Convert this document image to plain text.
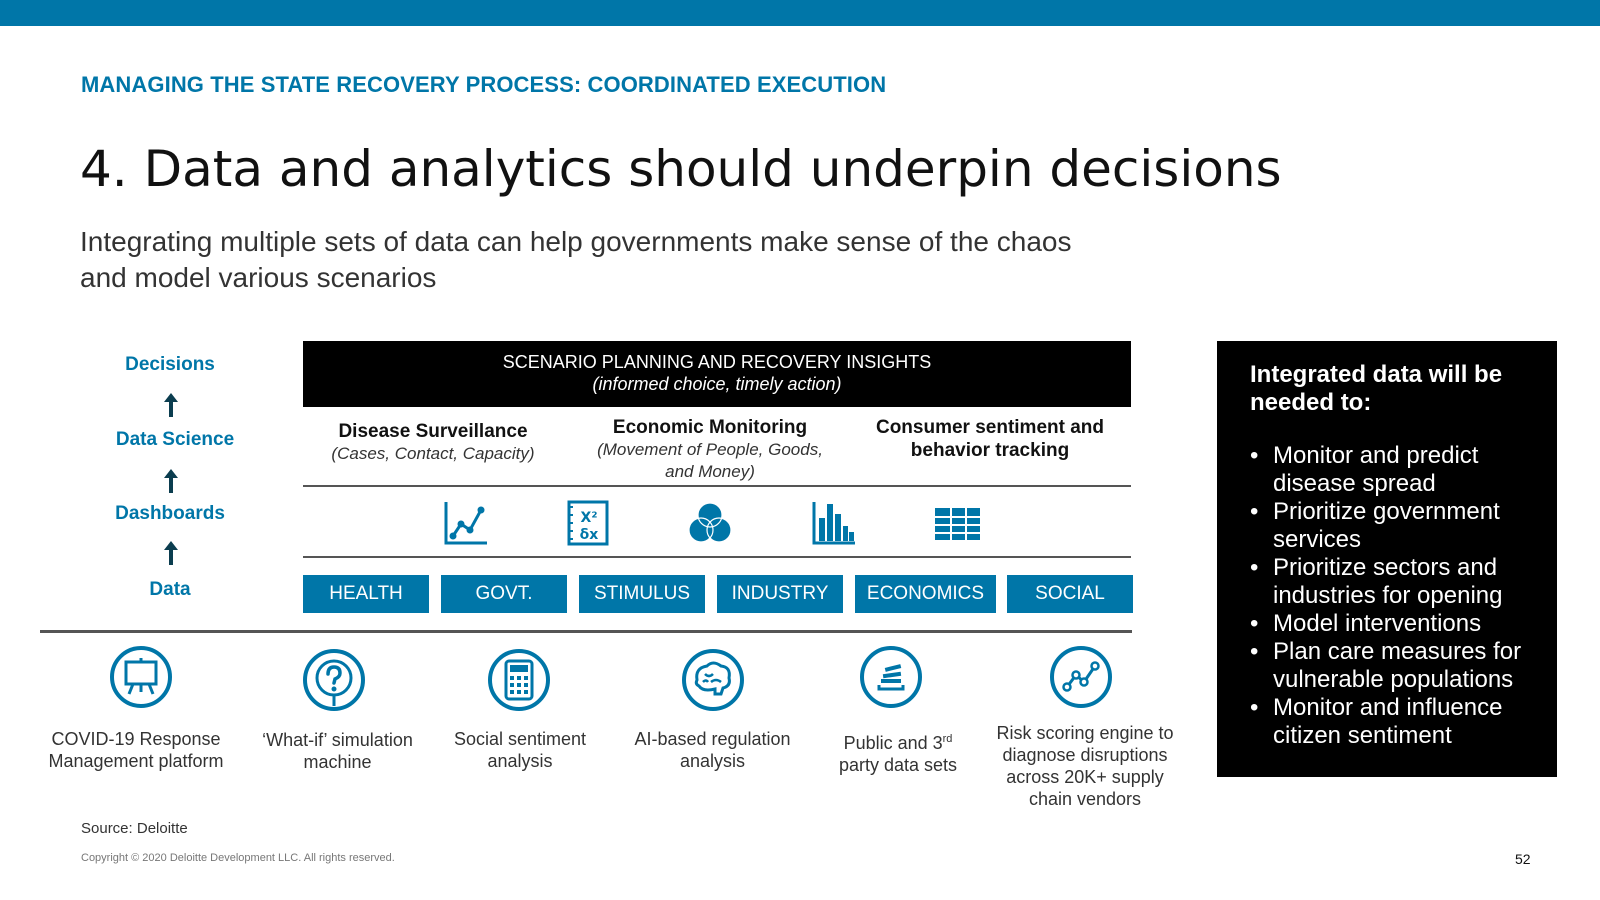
MANAGING THE STATE RECOVERY PROCESS: COORDINATED EXECUTION
4. Data and analytics should underpin decisions
Integrating multiple sets of data can help governments make sense of the chaos and model various scenarios
Decisions
Data Science
Dashboards
Data
SCENARIO PLANNING AND RECOVERY INSIGHTS
(informed choice, timely action)
Disease Surveillance
(Cases, Contact, Capacity)
Economic Monitoring
(Movement of People, Goods, and Money)
Consumer sentiment and behavior tracking
X²
δx
HEALTH	GOVT.	STIMULUS	INDUSTRY	ECONOMICS	SOCIAL
COVID-19 Response Management platform
‘What-if’ simulation machine
Social sentiment analysis
AI-based regulation analysis
Public and 3rd party data sets
Risk scoring engine to diagnose disruptions across 20K+ supply chain vendors
Integrated data will be needed to:
• Monitor and predict disease spread
• Prioritize government services
• Prioritize sectors and industries for opening
• Model interventions
• Plan care measures for vulnerable populations
• Monitor and influence citizen sentiment
Source: Deloitte
Copyright © 2020 Deloitte Development LLC. All rights reserved.	52
